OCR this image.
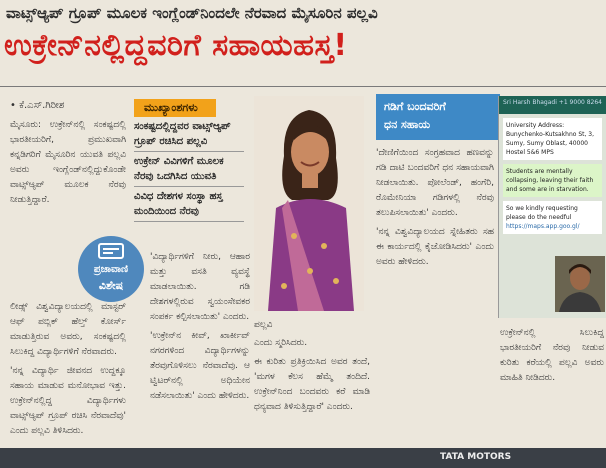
ವಾಟ್ಸ್‌ಆ್ಯಪ್ ಗ್ರೂಪ್ ಮೂಲಕ ಇಂಗ್ಲೆಂಡ್‌ನಿಂದಲೇ ನೆರವಾದ ಮೈಸೂರಿನ ಪಲ್ಲವಿ
ಉಕ್ರೇನ್‌ನಲ್ಲಿದ್ದವರಿಗೆ ಸಹಾಯಹಸ್ತ!
• ಕೆ.ಎಸ್.ಗಿರೀಶ

ಮೈಸೂರು: ಉಕ್ರೇನ್‌ನಲ್ಲಿ ಸಂಕಷ್ಟದಲ್ಲಿ ಭಾರತೀಯರಿಗೆ, ಪ್ರಮುಖವಾಗಿ ಕನ್ನಡಿಗರಿಗೆ ಮೈಸೂರಿನ ಯುವತಿ ಪಲ್ಲವಿ ಅವರು ಇಂಗ್ಲೆಂಡ್‌ನಲ್ಲಿದ್ದುಕೊಂಡೇ ವಾಟ್ಸ್‌ಆ್ಯಪ್ ಮೂಲಕ ನೆರವು ನೀಡುತ್ತಿದ್ದಾರೆ.

ಮುಖ್ಯಾಂಶಗಳು
ಸಂಕಷ್ಟದಲ್ಲಿದ್ದವರ ವಾಟ್ಸ್‌ಆ್ಯಪ್ ಗ್ರೂಪ್ ರಚಿಸಿದ ಪಲ್ಲವಿ
ಉಕ್ರೇನ್ ವಿವಿಗಳಿಗೆ ಮೂಲಕ ನೆರವು ಒದಗಿಸಿದ ಯುವತಿ
ವಿವಿಧ ದೇಶಗಳ ಸಂಸ್ಥಾ ಹಸ್ತ ಮಂದಿಯಿಂದ ನೆರವು
ಪ್ರಜಾವಾಣಿ
ವಿಶೇಷ

ಲೀಡ್ಸ್ ವಿಶ್ವವಿದ್ಯಾಲಯದಲ್ಲಿ ಮಾಸ್ಟರ್ ಆಫ್ ಪಬ್ಲಿಕ್ ಹೆಲ್ತ್ ಕೋರ್ಸ್ ಮಾಡುತ್ತಿರುವ ಅವರು, ಸಂಕಷ್ಟದಲ್ಲಿ ಸಿಲುಕಿದ್ದ ವಿದ್ಯಾರ್ಥಿಗಳಿಗೆ ನೆರವಾದರು.

'ನನ್ನ ವಿದ್ಯಾರ್ಥಿ ಜೀವನದ ಉದ್ದಕ್ಕೂ ಸಹಾಯ ಮಾಡುವ ಮನೋಭಾವ ಇತ್ತು. ಉಕ್ರೇನ್‌ನಲ್ಲಿದ್ದ ವಿದ್ಯಾರ್ಥಿಗಳು ವಾಟ್ಸ್‌ಆ್ಯಪ್ ಗ್ರೂಪ್ ರಚಿಸಿ ನೆರವಾದೆವು' ಎಂದು ಪಲ್ಲವಿ ತಿಳಿಸಿದರು.

'ವಿದ್ಯಾರ್ಥಿಗಳಿಗೆ ನೀರು, ಆಹಾರ ಮತ್ತು ವಸತಿ ವ್ಯವಸ್ಥೆ ಮಾಡಲಾಯಿತು. ಗಡಿ ದೇಶಗಳಲ್ಲಿರುವ ಸ್ವಯಂಸೇವಕರ ಸಂಪರ್ಕ ಕಲ್ಪಿಸಲಾಯಿತು' ಎಂದರು.

'ಉಕ್ರೇನ್‌ನ ಕೀವ್, ಖಾರ್ಕೀವ್ ನಗರಗಳಿಂದ ವಿದ್ಯಾರ್ಥಿಗಳನ್ನು ತೆರವುಗೊಳಿಸಲು ನೆರವಾದೆವು. ಆ ಟ್ವಿಟರ್‌ನಲ್ಲಿ ಅಧಿಯೇನ ನಡೆಸಲಾಯಿತು' ಎಂದು ಹೇಳಿದರು.

ಪಲ್ಲವಿ

ಎಂದು ಸ್ಮರಿಸಿದರು.

ಈ ಕುರಿತು ಪ್ರತಿಕ್ರಿಯಿಸಿದ ಅವರ ತಂದೆ, 'ಮಗಳ ಕೆಲಸ ಹೆಮ್ಮೆ ತಂದಿದೆ. ಉಕ್ರೇನ್‌ನಿಂದ ಬಂದವರು ಕರೆ ಮಾಡಿ ಧನ್ಯವಾದ ತಿಳಿಸುತ್ತಿದ್ದಾರೆ' ಎಂದರು.

ಗಡಿಗೆ ಬಂದವರಿಗೆ
ಧನ ಸಹಾಯ

'ದೇಣಿಗೆಯಿಂದ ಸಂಗ್ರಹವಾದ ಹಣವನ್ನು ಗಡಿ ದಾಟಿ ಬಂದವರಿಗೆ ಧನ ಸಹಾಯವಾಗಿ ನೀಡಲಾಯಿತು. ಪೋಲೆಂಡ್, ಹಂಗೆರಿ, ರೊಮೇನಿಯಾ ಗಡಿಗಳಲ್ಲಿ ನೆರವು ತಲುಪಿಸಲಾಯಿತು' ಎಂದರು.

'ನನ್ನ ವಿಶ್ವವಿದ್ಯಾಲಯದ ಸ್ನೇಹಿತರು ಸಹ ಈ ಕಾರ್ಯದಲ್ಲಿ ಕೈಜೋಡಿಸಿದರು' ಎಂದು ಅವರು ಹೇಳಿದರು.

Sri Harsh Bhagadi +1 9000 8264
University Address:
Bunychenko-Kutsakhno St, 3, Sumy, Sumy Oblast, 40000
Hostel 5&6 MPS
Students are mentally collapsing, leaving their faith and some are in starvation.
So we kindly requesting please do the needful
https://maps.app.goo.gl/

ಉಕ್ರೇನ್‌ನಲ್ಲಿ ಸಿಲುಕಿದ್ದ ಭಾರತೀಯರಿಗೆ ನೆರವು ನೀಡುವ ಕುರಿತು ಕರೆಯಲ್ಲಿ ಪಲ್ಲವಿ ಅವರು ಮಾಹಿತಿ ನೀಡಿದರು.

TATA MOTORS
